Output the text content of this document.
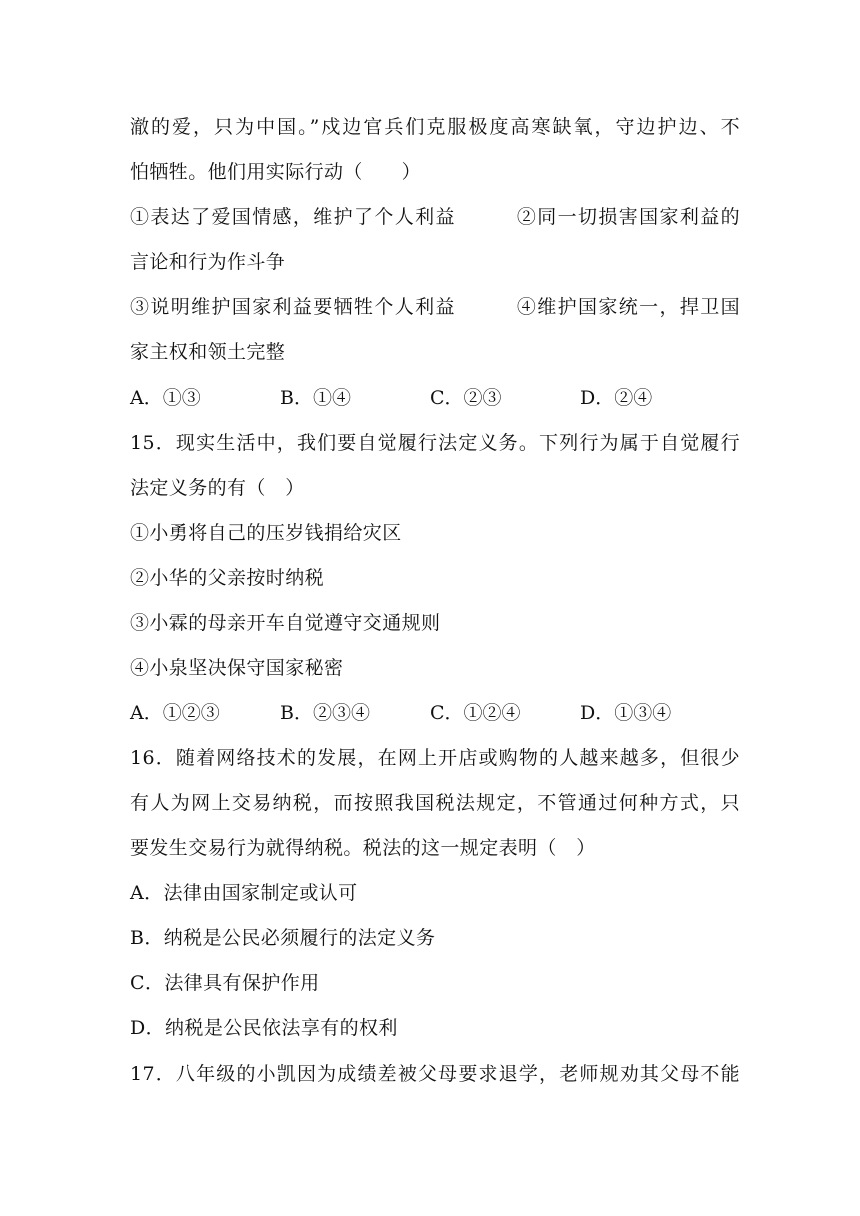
澈的爱，只为中国。”戍边官兵们克服极度高寒缺氧，守边护边、不
怕牺牲。他们用实际行动（　　）
①表达了爱国情感，维护了个人利益　　　②同一切损害国家利益的
言论和行为作斗争
③说明维护国家利益要牺牲个人利益　　　④维护国家统一，捍卫国
家主权和领土完整
A．①③	B．①④	C．②③	D．②④
15．现实生活中，我们要自觉履行法定义务。下列行为属于自觉履行
法定义务的有（　）
①小勇将自己的压岁钱捐给灾区
②小华的父亲按时纳税
③小霖的母亲开车自觉遵守交通规则
④小泉坚决保守国家秘密
A．①②③	B．②③④	C．①②④	D．①③④
16．随着网络技术的发展，在网上开店或购物的人越来越多，但很少
有人为网上交易纳税，而按照我国税法规定，不管通过何种方式，只
要发生交易行为就得纳税。税法的这一规定表明（　）
A．法律由国家制定或认可
B．纳税是公民必须履行的法定义务
C．法律具有保护作用
D．纳税是公民依法享有的权利
17．八年级的小凯因为成绩差被父母要求退学，老师规劝其父母不能
